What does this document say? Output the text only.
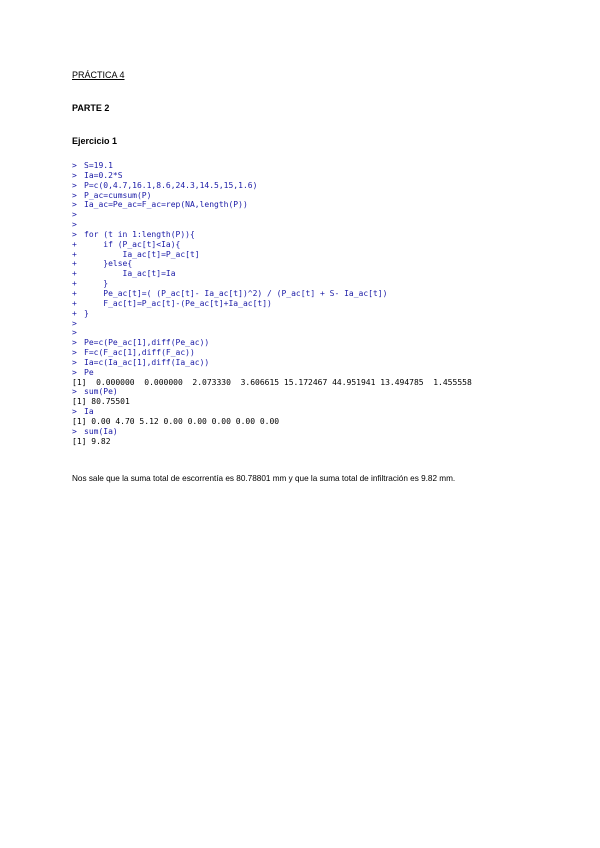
PRÁCTICA 4
PARTE 2
Ejercicio 1
> S=19.1
> Ia=0.2*S
> P=c(0,4.7,16.1,8.6,24.3,14.5,15,1.6)
> P_ac=cumsum(P)
> Ia_ac=Pe_ac=F_ac=rep(NA,length(P))
>
>
> for (t in 1:length(P)){
+    if (P_ac[t]<Ia){
+        Ia_ac[t]=P_ac[t]
+    }else{
+        Ia_ac[t]=Ia
+    }
+    Pe_ac[t]=( (P_ac[t]- Ia_ac[t])^2) / (P_ac[t] + S- Ia_ac[t])
+    F_ac[t]=P_ac[t]-(Pe_ac[t]+Ia_ac[t])
+ }
>
>
> Pe=c(Pe_ac[1],diff(Pe_ac))
> F=c(F_ac[1],diff(F_ac))
> Ia=c(Ia_ac[1],diff(Ia_ac))
> Pe
[1]  0.000000  0.000000  2.073330  3.606615 15.172467 44.951941 13.494785  1.455558
> sum(Pe)
[1] 80.75501
> Ia
[1] 0.00 4.70 5.12 0.00 0.00 0.00 0.00 0.00
> sum(Ia)
[1] 9.82
Nos sale que la suma total de escorrentía es 80.78801 mm y que la suma total de infiltración es 9.82 mm.
